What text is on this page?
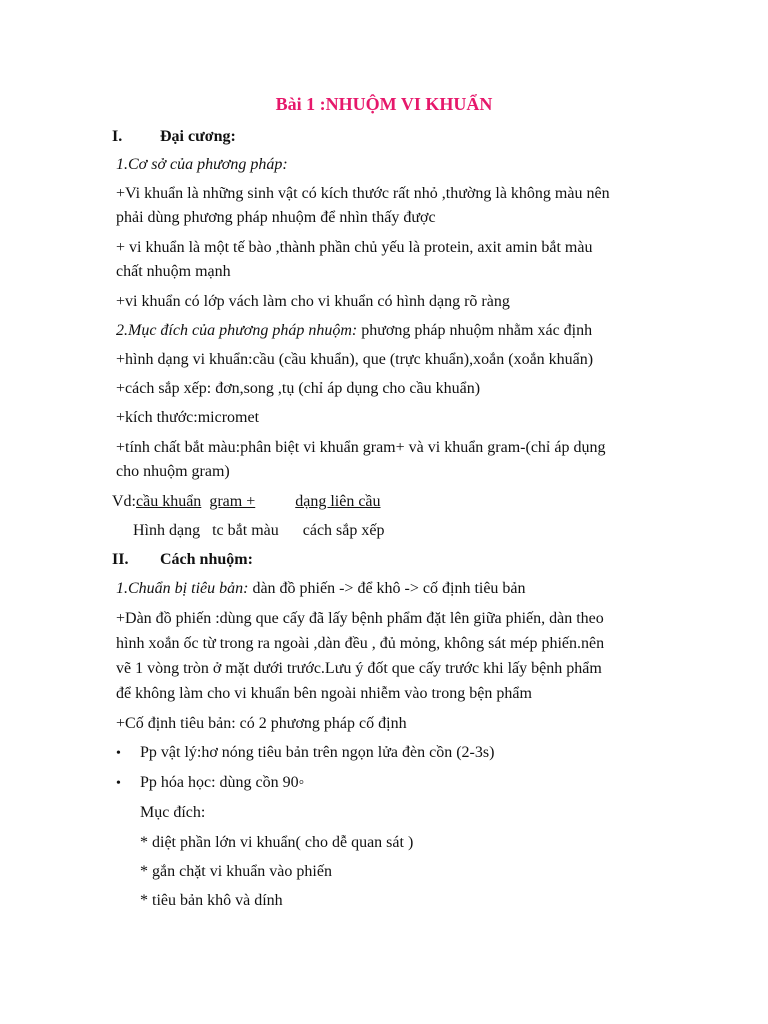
Bài 1 :NHUỘM VI KHUẨN
I. Đại cương:
1.Cơ sở của phương pháp:
+Vi khuẩn là những sinh vật có kích thước rất nhỏ ,thường là không màu nên
phải dùng phương pháp nhuộm để nhìn thấy được
+ vi khuẩn là một tế bào ,thành phần chủ yếu là protein, axit amin bắt màu
chất nhuộm mạnh
+vi khuẩn có lớp vách làm cho vi khuẩn có hình dạng rõ ràng
2.Mục đích của phương pháp nhuộm: phương pháp nhuộm nhằm xác định
+hình dạng vi khuẩn:cầu (cầu khuẩn), que (trực khuẩn),xoắn (xoắn khuẩn)
+cách sắp xếp: đơn,song ,tụ (chỉ áp dụng cho cầu khuẩn)
+kích thước:micromet
+tính chất bắt màu:phân biệt vi khuẩn gram+ và vi khuẩn gram-(chỉ áp dụng
cho nhuộm gram)
Vd:cầu khuẩn gram +	dạng liên cầu
Hình dạng tc bắt màu cách sắp xếp
II. Cách nhuộm:
1.Chuẩn bị tiêu bản: dàn đồ phiến -> để khô -> cố định tiêu bản
+Dàn đồ phiến :dùng que cấy đã lấy bệnh phẩm đặt lên giữa phiến, dàn theo
hình xoắn ốc từ trong ra ngoài ,dàn đều , đủ mỏng, không sát mép phiến.nên
vẽ 1 vòng tròn ở mặt dưới trước.Lưu ý đốt que cấy trước khi lấy bệnh phẩm
để không làm cho vi khuẩn bên ngoài nhiễm vào trong bện phẩm
+Cố định tiêu bản: có 2 phương pháp cố định
• Pp vật lý:hơ nóng tiêu bản trên ngọn lửa đèn cồn (2-3s)
• Pp hóa học: dùng cồn 90◦
Mục đích:
* diệt phần lớn vi khuẩn( cho dễ quan sát )
* gắn chặt vi khuẩn vào phiến
* tiêu bản khô và dính
